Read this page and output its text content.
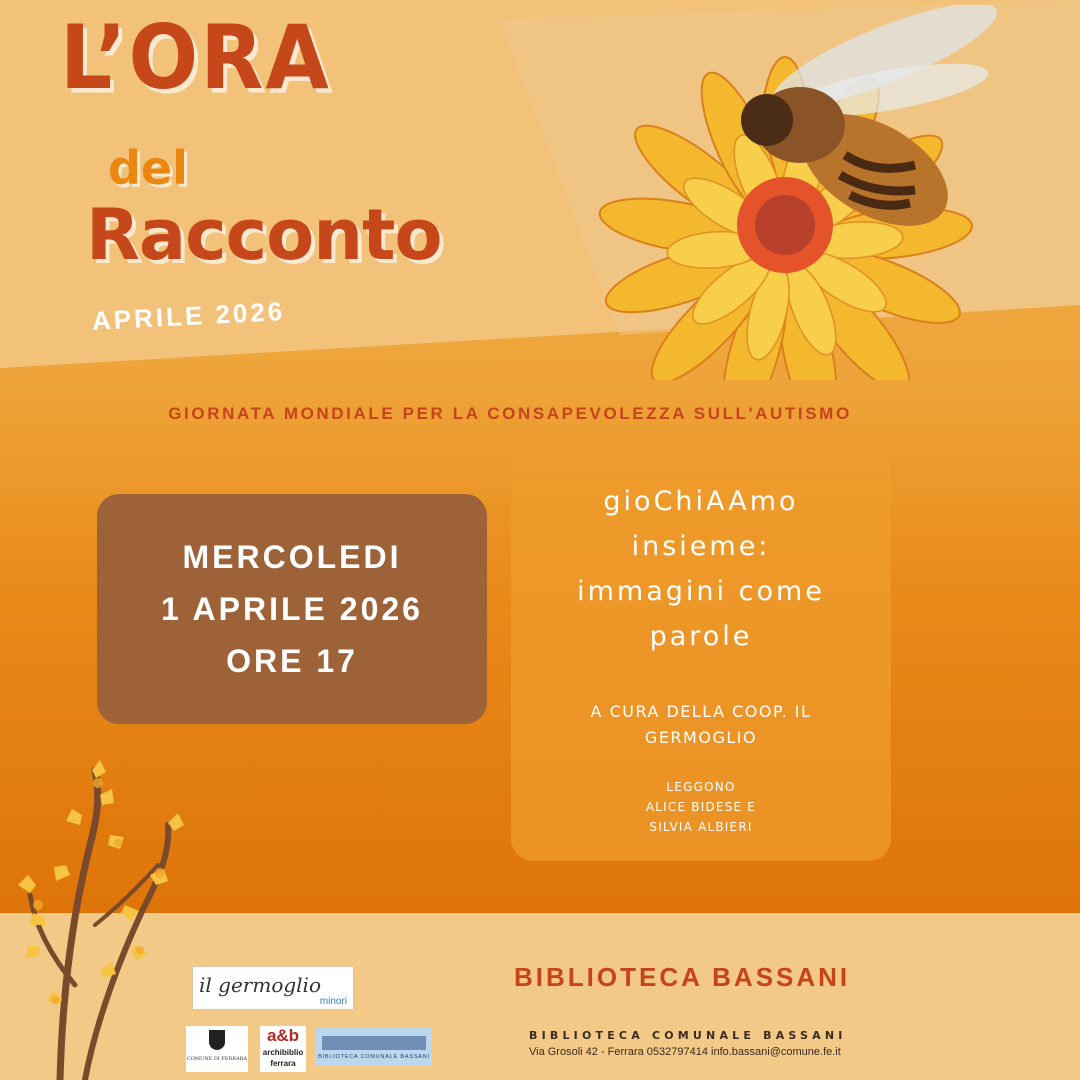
L’ORA
del
Racconto
APRILE 2026
GIORNATA MONDIALE PER LA CONSAPEVOLEZZA SULL'AUTISMO
MERCOLEDI
1 APRILE 2026
ORE 17
gioChiAAmo
insieme:
immagini come
parole
A CURA DELLA COOP. IL
GERMOGLIO
LEGGONO
ALICE BIDESE E
SILVIA ALBIERI
BIBLIOTECA BASSANI
BIBLIOTECA COMUNALE BASSANI
Via Grosoli 42 - Ferrara 0532797414 info.bassani@comune.fe.it
il germoglio
minori
COMUNE DI FERRARA
a&b
archibiblio
ferrara
BIBLIOTECA COMUNALE BASSANI
